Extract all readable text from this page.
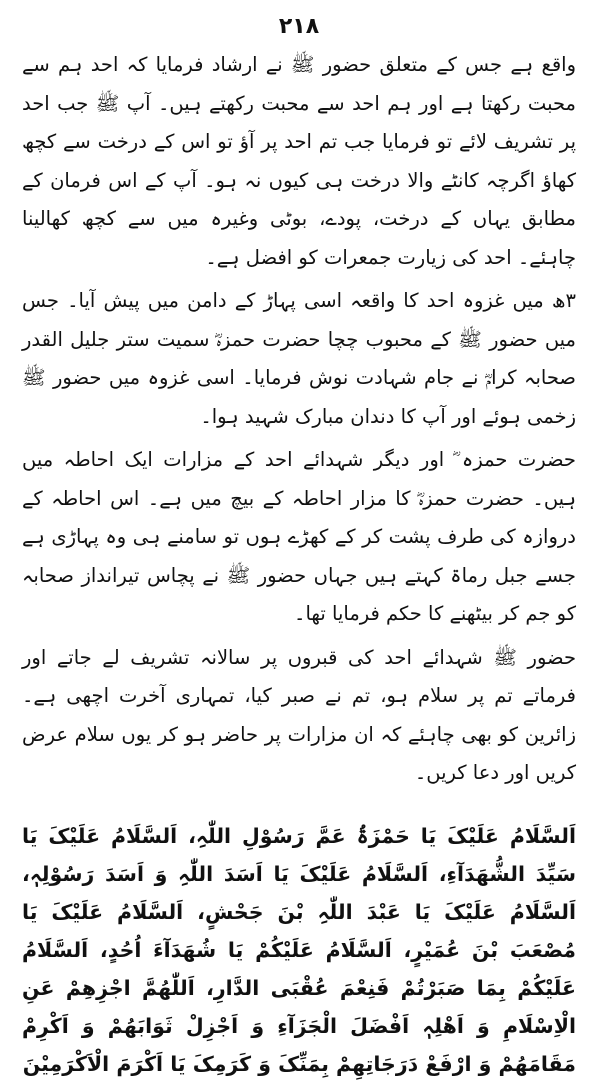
۲۱۸

واقع ہے جس کے متعلق حضور ﷺ نے ارشاد فرمایا کہ احد ہم سے محبت رکھتا ہے اور ہم احد سے محبت رکھتے ہیں۔ آپ ﷺ جب احد پر تشریف لائے تو فرمایا جب تم احد پر آؤ تو اس کے درخت سے کچھ کھاؤ اگرچہ کانٹے والا درخت ہی کیوں نہ ہو۔ آپ کے اس فرمان کے مطابق یہاں کے درخت، پودے، بوٹی وغیرہ میں سے کچھ کھالینا چاہئے۔ احد کی زیارت جمعرات کو افضل ہے۔

۳ھ میں غزوہ احد کا واقعہ اسی پہاڑ کے دامن میں پیش آیا۔ جس میں حضور ﷺ کے محبوب چچا حضرت حمزہؓ سمیت ستر جلیل القدر صحابہ کرامؓ نے جام شہادت نوش فرمایا۔ اسی غزوہ میں حضور ﷺ زخمی ہوئے اور آپ کا دندان مبارک شہید ہوا۔

حضرت حمزہ ؓ اور دیگر شہدائے احد کے مزارات ایک احاطہ میں ہیں۔ حضرت حمزہؓ کا مزار احاطہ کے بیچ میں ہے۔ اس احاطہ کے دروازہ کی طرف پشت کر کے کھڑے ہوں تو سامنے ہی وہ پہاڑی ہے جسے جبل رماۃ کہتے ہیں جہاں حضور ﷺ نے پچاس تیرانداز صحابہ کو جم کر بیٹھنے کا حکم فرمایا تھا۔

حضور ﷺ شہدائے احد کی قبروں پر سالانہ تشریف لے جاتے اور فرماتے تم پر سلام ہو، تم نے صبر کیا، تمہاری آخرت اچھی ہے۔ زائرین کو بھی چاہئے کہ ان مزارات پر حاضر ہو کر یوں سلام عرض کریں اور دعا کریں۔

اَلسَّلَامُ عَلَیْکَ یَا حَمْزَۃُ عَمَّ رَسُوْلِ اللّٰہِ، اَلسَّلَامُ عَلَیْکَ یَا سَیِّدَ الشُّھَدَآءِ، اَلسَّلَامُ عَلَیْکَ یَا اَسَدَ اللّٰہِ وَ اَسَدَ رَسُوْلِہٖ، اَلسَّلَامُ عَلَیْکَ یَا عَبْدَ اللّٰہِ بْنَ جَحْشٍ، اَلسَّلَامُ عَلَیْکَ یَا مُصْعَبَ بْنَ عُمَیْرٍ، اَلسَّلَامُ عَلَیْکُمْ یَا شُھَدَآءَ اُحُدٍ، اَلسَّلَامُ عَلَیْکُمْ بِمَا صَبَرْتُمْ فَنِعْمَ عُقْبَی الدَّارِ، اَللّٰھُمَّ اجْزِھِمْ عَنِ الْاِسْلَامِ وَ اَھْلِہٖ اَفْضَلَ الْجَزَآءِ وَ اَجْزِلْ ثَوَابَھُمْ وَ اَکْرِمْ مَقَامَھُمْ وَ ارْفَعْ دَرَجَاتِھِمْ بِمَنِّکَ وَ کَرَمِکَ یَا اَکْرَمَ الْاَکْرَمِیْنَ
